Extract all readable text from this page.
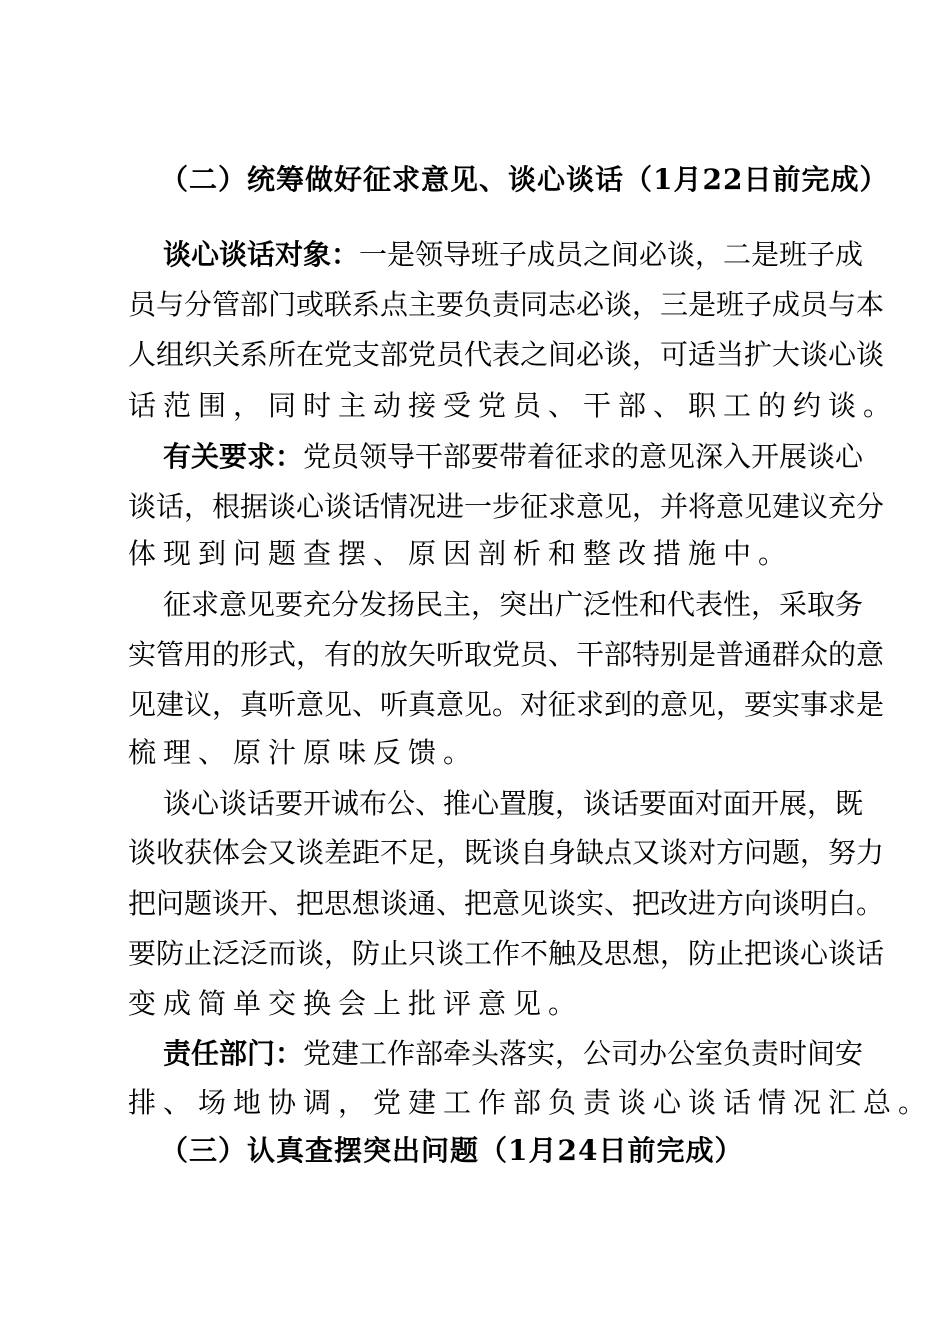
（二）统筹做好征求意见、谈心谈话（1月22日前完成）
谈心谈话对象：一是领导班子成员之间必谈，二是班子成
员与分管部门或联系点主要负责同志必谈，三是班子成员与本
人组织关系所在党支部党员代表之间必谈，可适当扩大谈心谈
话范围，同时主动接受党员、干部、职工的约谈。
有关要求：党员领导干部要带着征求的意见深入开展谈心
谈话，根据谈心谈话情况进一步征求意见，并将意见建议充分
体现到问题查摆、原因剖析和整改措施中。
征求意见要充分发扬民主，突出广泛性和代表性，采取务
实管用的形式，有的放矢听取党员、干部特别是普通群众的意
见建议，真听意见、听真意见。对征求到的意见，要实事求是
梳理、原汁原味反馈。
谈心谈话要开诚布公、推心置腹，谈话要面对面开展，既
谈收获体会又谈差距不足，既谈自身缺点又谈对方问题，努力
把问题谈开、把思想谈通、把意见谈实、把改进方向谈明白。
要防止泛泛而谈，防止只谈工作不触及思想，防止把谈心谈话
变成简单交换会上批评意见。
责任部门：党建工作部牵头落实，公司办公室负责时间安
排、场地协调，党建工作部负责谈心谈话情况汇总。
（三）认真查摆突出问题（1月24日前完成）
